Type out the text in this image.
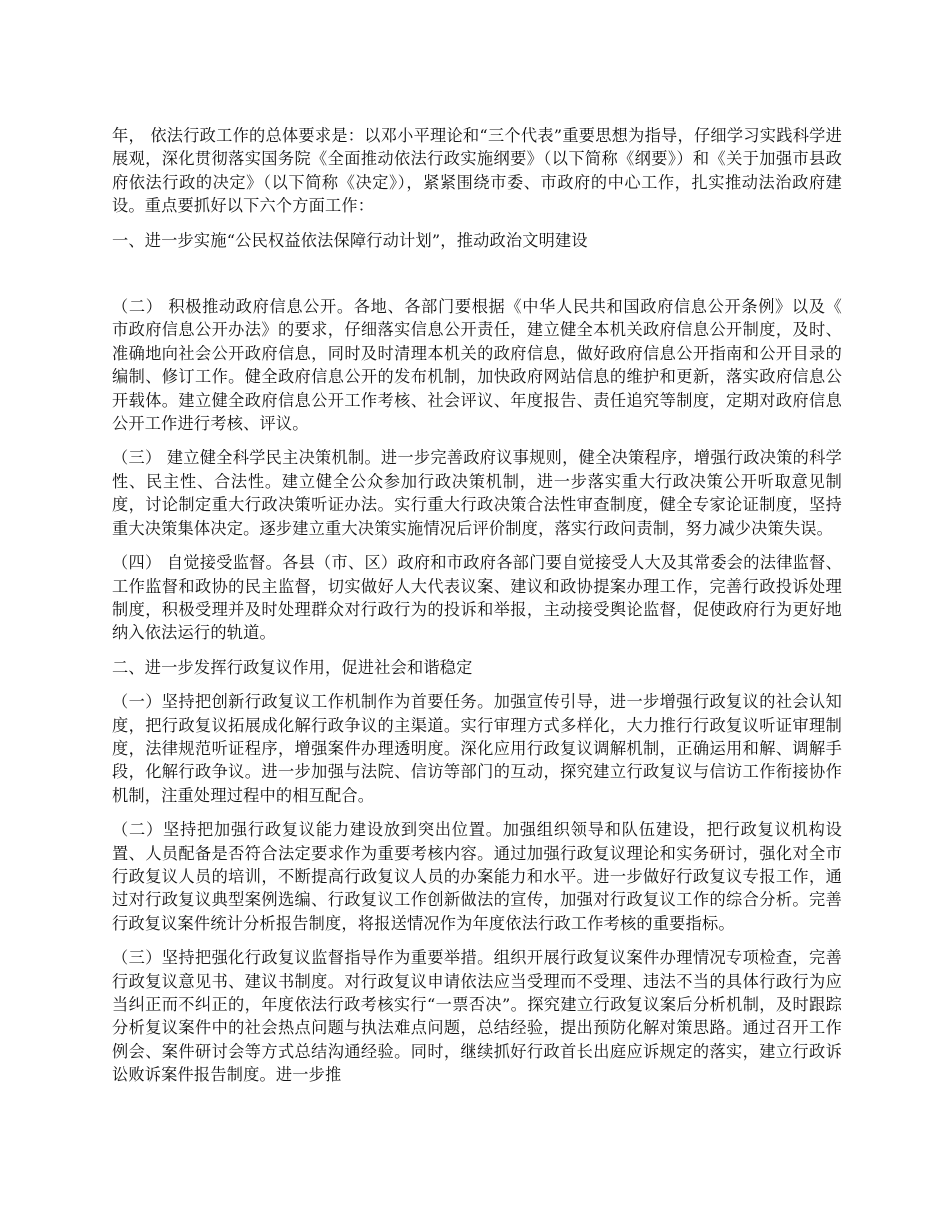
年， 依法行政工作的总体要求是：以邓小平理论和“三个代表”重要思想为指导，仔细学习实践科学进展观，深化贯彻落实国务院《全面推动依法行政实施纲要》（以下简称《纲要》）和《关于加强市县政府依法行政的决定》（以下简称《决定》），紧紧围绕市委、市政府的中心工作，扎实推动法治政府建设。重点要抓好以下六个方面工作：

一、进一步实施“公民权益依法保障行动计划”，推动政治文明建设

（二） 积极推动政府信息公开。各地、各部门要根据《中华人民共和国政府信息公开条例》以及《 市政府信息公开办法》的要求，仔细落实信息公开责任，建立健全本机关政府信息公开制度，及时、准确地向社会公开政府信息，同时及时清理本机关的政府信息，做好政府信息公开指南和公开目录的编制、修订工作。健全政府信息公开的发布机制，加快政府网站信息的维护和更新，落实政府信息公开载体。建立健全政府信息公开工作考核、社会评议、年度报告、责任追究等制度，定期对政府信息公开工作进行考核、评议。

（三） 建立健全科学民主决策机制。进一步完善政府议事规则，健全决策程序，增强行政决策的科学性、民主性、合法性。建立健全公众参加行政决策机制，进一步落实重大行政决策公开听取意见制度，讨论制定重大行政决策听证办法。实行重大行政决策合法性审查制度，健全专家论证制度，坚持重大决策集体决定。逐步建立重大决策实施情况后评价制度，落实行政问责制，努力减少决策失误。

（四） 自觉接受监督。各县（市、区）政府和市政府各部门要自觉接受人大及其常委会的法律监督、工作监督和政协的民主监督，切实做好人大代表议案、建议和政协提案办理工作，完善行政投诉处理制度，积极受理并及时处理群众对行政行为的投诉和举报，主动接受舆论监督，促使政府行为更好地纳入依法运行的轨道。

二、进一步发挥行政复议作用，促进社会和谐稳定

（一）坚持把创新行政复议工作机制作为首要任务。加强宣传引导，进一步增强行政复议的社会认知度，把行政复议拓展成化解行政争议的主渠道。实行审理方式多样化，大力推行行政复议听证审理制度，法律规范听证程序，增强案件办理透明度。深化应用行政复议调解机制，正确运用和解、调解手段，化解行政争议。进一步加强与法院、信访等部门的互动，探究建立行政复议与信访工作衔接协作机制，注重处理过程中的相互配合。

（二）坚持把加强行政复议能力建设放到突出位置。加强组织领导和队伍建设，把行政复议机构设置、人员配备是否符合法定要求作为重要考核内容。通过加强行政复议理论和实务研讨，强化对全市行政复议人员的培训，不断提高行政复议人员的办案能力和水平。进一步做好行政复议专报工作，通过对行政复议典型案例选编、行政复议工作创新做法的宣传，加强对行政复议工作的综合分析。完善行政复议案件统计分析报告制度，将报送情况作为年度依法行政工作考核的重要指标。

（三）坚持把强化行政复议监督指导作为重要举措。组织开展行政复议案件办理情况专项检查，完善行政复议意见书、建议书制度。对行政复议申请依法应当受理而不受理、违法不当的具体行政行为应当纠正而不纠正的，年度依法行政考核实行“一票否决”。探究建立行政复议案后分析机制，及时跟踪分析复议案件中的社会热点问题与执法难点问题，总结经验，提出预防化解对策思路。通过召开工作例会、案件研讨会等方式总结沟通经验。同时，继续抓好行政首长出庭应诉规定的落实，建立行政诉讼败诉案件报告制度。进一步推
